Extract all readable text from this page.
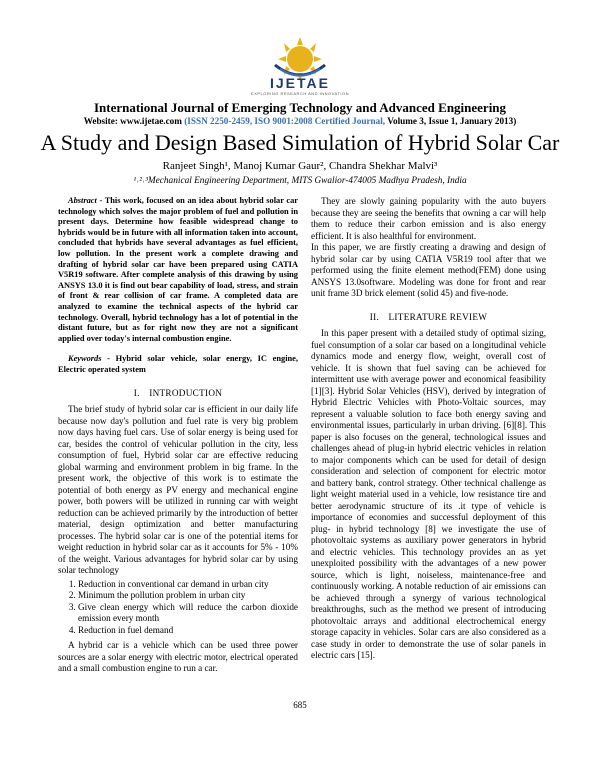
IJETAE
EXPLORING RESEARCH AND INNOVATION
International Journal of Emerging Technology and Advanced Engineering
Website: www.ijetae.com (ISSN 2250-2459, ISO 9001:2008 Certified Journal, Volume 3, Issue 1, January 2013)
A Study and Design Based Simulation of Hybrid Solar Car
Ranjeet Singh¹, Manoj Kumar Gaur², Chandra Shekhar Malvi³
¹˒²˒³Mechanical Engineering Department, MITS Gwalior-474005 Madhya Pradesh, India

Abstract - This work, focused on an idea about hybrid solar car technology which solves the major problem of fuel and pollution in present days. Determine how feasible widespread change to hybrids would be in future with all information taken into account, concluded that hybrids have several advantages as fuel efficient, low pollution. In the present work a complete drawing and drafting of hybrid solar car have been prepared using CATIA V5R19 software. After complete analysis of this drawing by using ANSYS 13.0 it is find out bear capability of load, stress, and strain of front & rear collision of car frame. A completed data are analyzed to examine the technical aspects of the hybrid car technology. Overall, hybrid technology has a lot of potential in the distant future, but as for right now they are not a significant applied over today's internal combustion engine.

Keywords - Hybrid solar vehicle, solar energy, IC engine, Electric operated system

I. INTRODUCTION

The brief study of hybrid solar car is efficient in our daily life because now day's pollution and fuel rate is very big problem now days having fuel cars. Use of solar energy is being used for car, besides the control of vehicular pollution in the city, less consumption of fuel, Hybrid solar car are effective reducing global warming and environment problem in big frame. In the present work, the objective of this work is to estimate the potential of both energy as PV energy and mechanical engine power, both powers will be utilized in running car with weight reduction can be achieved primarily by the introduction of better material, design optimization and better manufacturing processes. The hybrid solar car is one of the potential items for weight reduction in hybrid solar car as it accounts for 5% - 10% of the weight. Various advantages for hybrid solar car by using solar technology

1. Reduction in conventional car demand in urban city
2. Minimum the pollution problem in urban city
3. Give clean energy which will reduce the carbon dioxide emission every month
4. Reduction in fuel demand

A hybrid car is a vehicle which can be used three power sources are a solar energy with electric motor, electrical operated and a small combustion engine to run a car.

They are slowly gaining popularity with the auto buyers because they are seeing the benefits that owning a car will help them to reduce their carbon emission and is also energy efficient. It is also healthful for environment.

In this paper, we are firstly creating a drawing and design of hybrid solar car by using CATIA V5R19 tool after that we performed using the finite element method(FEM) done using ANSYS 13.0software. Modeling was done for front and rear unit frame 3D brick element (solid 45) and five-node.

II. LITERATURE REVIEW

In this paper present with a detailed study of optimal sizing, fuel consumption of a solar car based on a longitudinal vehicle dynamics mode and energy flow, weight, overall cost of vehicle. It is shown that fuel saving can be achieved for intermittent use with average power and economical feasibility [1][3]. Hybrid Solar Vehicles (HSV), derived by integration of Hybrid Electric Vehicles with Photo-Voltaic sources, may represent a valuable solution to face both energy saving and environmental issues, particularly in urban driving. [6][8]. This paper is also focuses on the general, technological issues and challenges ahead of plug-in hybrid electric vehicles in relation to major components which can be used for detail of design consideration and selection of component for electric motor and battery bank, control strategy. Other technical challenge as light weight material used in a vehicle, low resistance tire and better aerodynamic structure of its .it type of vehicle is importance of economies and successful deployment of this plug- in hybrid technology [8] we investigate the use of photovoltaic systems as auxiliary power generators in hybrid and electric vehicles. This technology provides an as yet unexploited possibility with the advantages of a new power source, which is light, noiseless, maintenance-free and continuously working. A notable reduction of air emissions can be achieved through a synergy of various technological breakthroughs, such as the method we present of introducing photovoltaic arrays and additional electrochemical energy storage capacity in vehicles. Solar cars are also considered as a case study in order to demonstrate the use of solar panels in electric cars [15].

685
